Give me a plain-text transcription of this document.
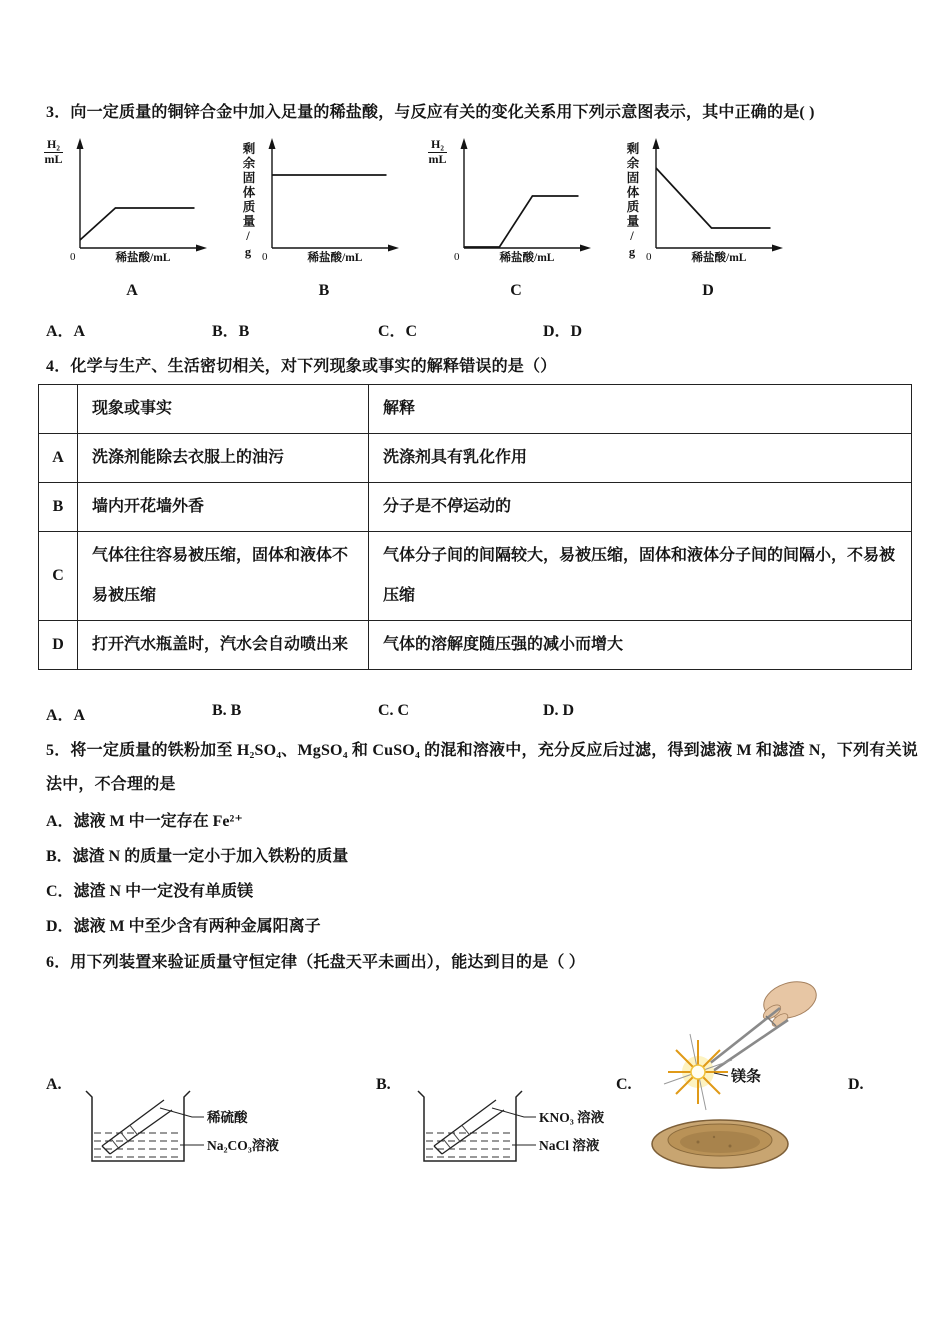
3．向一定质量的铜锌合金中加入足量的稀盐酸，与反应有关的变化关系用下列示意图表示，其中正确的是( )
$\frac{\text{H₂}}{mL}$
0	稀盐酸/mL
A
剩余固体质量/g 0	稀盐酸/mL
B
$\frac{\text{H₂}}{mL}$
0	稀盐酸/mL
C
剩余固体质量/g 0	稀盐酸/mL
D
A．A	B．B	C．C	D．D
4．化学与生产、生活密切相关，对下列现象或事实的解释错误的是（）
	现象或事实	解释
A	洗涤剂能除去衣服上的油污	洗涤剂具有乳化作用
B	墙内开花墙外香	分子是不停运动的
C	气体往往容易被压缩，固体和液体不易被压缩	气体分子间的间隔较大，易被压缩，固体和液体分子间的间隔小，不易被压缩
D	打开汽水瓶盖时，汽水会自动喷出来	气体的溶解度随压强的减小而增大
A．A	B. B	C. C	D. D
5．将一定质量的铁粉加至 H₂SO₄、MgSO₄ 和 CuSO₄ 的混和溶液中，充分反应后过滤，得到滤液 M 和滤渣 N，下列有关说法中，不合理的是
A．滤液 M 中一定存在 Fe²⁺
B．滤渣 N 的质量一定小于加入铁粉的质量
C．滤渣 N 中一定没有单质镁
D．滤液 M 中至少含有两种金属阳离子
6．用下列装置来验证质量守恒定律（托盘天平未画出），能达到目的是（ ）
A.	B.	C.	D.
稀硫酸
Na₂CO₃溶液
KNO₃ 溶液
NaCl 溶液
镁条
